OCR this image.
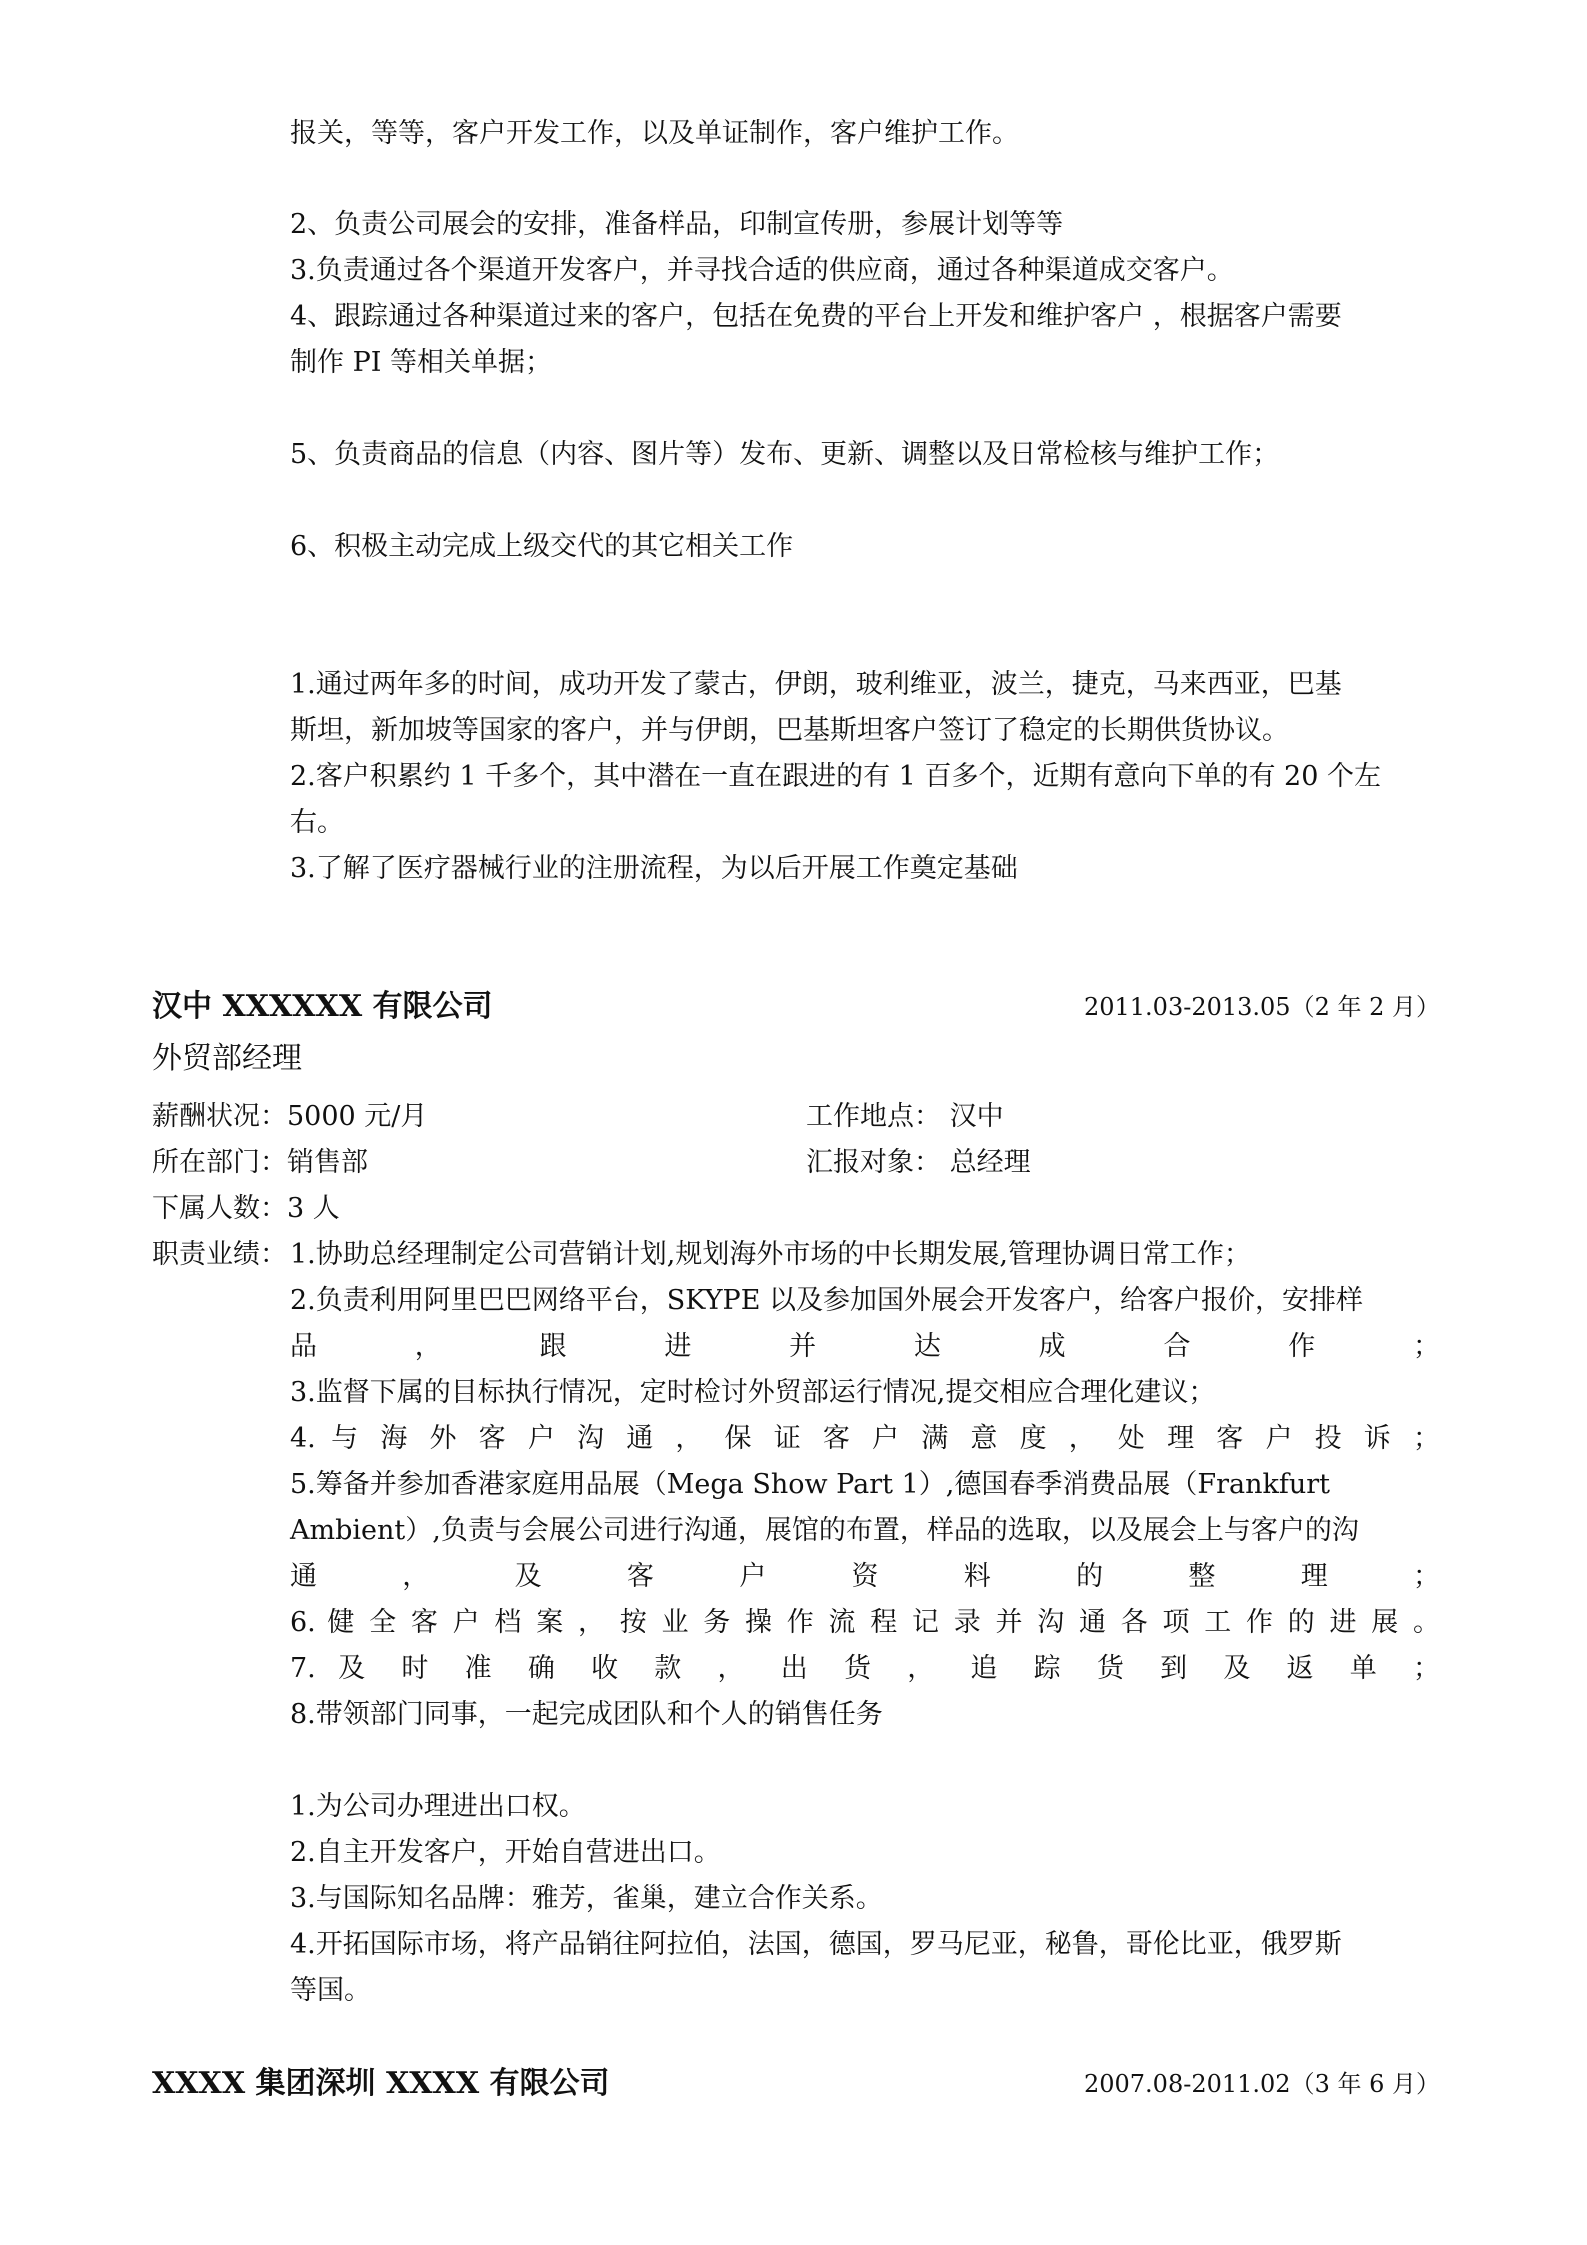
报关，等等，客户开发工作，以及单证制作，客户维护工作。
2、负责公司展会的安排，准备样品，印制宣传册，参展计划等等
3.负责通过各个渠道开发客户，并寻找合适的供应商，通过各种渠道成交客户。
4、跟踪通过各种渠道过来的客户，包括在免费的平台上开发和维护客户 ，根据客户需要
制作 PI 等相关单据；
5、负责商品的信息（内容、图片等）发布、更新、调整以及日常检核与维护工作；
6、积极主动完成上级交代的其它相关工作
1.通过两年多的时间，成功开发了蒙古，伊朗，玻利维亚，波兰，捷克，马来西亚，巴基
斯坦，新加坡等国家的客户，并与伊朗，巴基斯坦客户签订了稳定的长期供货协议。
2.客户积累约 1 千多个，其中潜在一直在跟进的有 1 百多个，近期有意向下单的有 20 个左
右。
3.了解了医疗器械行业的注册流程，为以后开展工作奠定基础
汉中 XXXXXX 有限公司	2011.03-2013.05（2 年 2 月）
外贸部经理
薪酬状况：5000 元/月	工作地点： 汉中
所在部门：销售部	汇报对象： 总经理
下属人数：3 人
职责业绩： 1.协助总经理制定公司营销计划,规划海外市场的中长期发展,管理协调日常工作；
2.负责利用阿里巴巴网络平台，SKYPE 以及参加国外展会开发客户，给客户报价，安排样
品 ， 跟 进 并 达 成 合 作 ；
3.监督下属的目标执行情况，定时检讨外贸部运行情况,提交相应合理化建议；
4. 与 海 外 客 户 沟 通 ， 保 证 客 户 满 意 度 ， 处 理 客 户 投 诉 ；
5.筹备并参加香港家庭用品展（Mega Show Part 1）,德国春季消费品展（Frankfurt
Ambient）,负责与会展公司进行沟通，展馆的布置，样品的选取，以及展会上与客户的沟
通 ， 及 客 户 资 料 的 整 理 ；
6. 健 全 客 户 档 案 ， 按 业 务 操 作 流 程 记 录 并 沟 通 各 项 工 作 的 进 展 。
7. 及 时 准 确 收 款 ， 出 货 ， 追 踪 货 到 及 返 单 ；
8.带领部门同事，一起完成团队和个人的销售任务
1.为公司办理进出口权。
2.自主开发客户，开始自营进出口。
3.与国际知名品牌：雅芳，雀巢，建立合作关系。
4.开拓国际市场，将产品销往阿拉伯，法国，德国，罗马尼亚，秘鲁，哥伦比亚，俄罗斯
等国。
XXXX 集团深圳 XXXX 有限公司	2007.08-2011.02（3 年 6 月）
